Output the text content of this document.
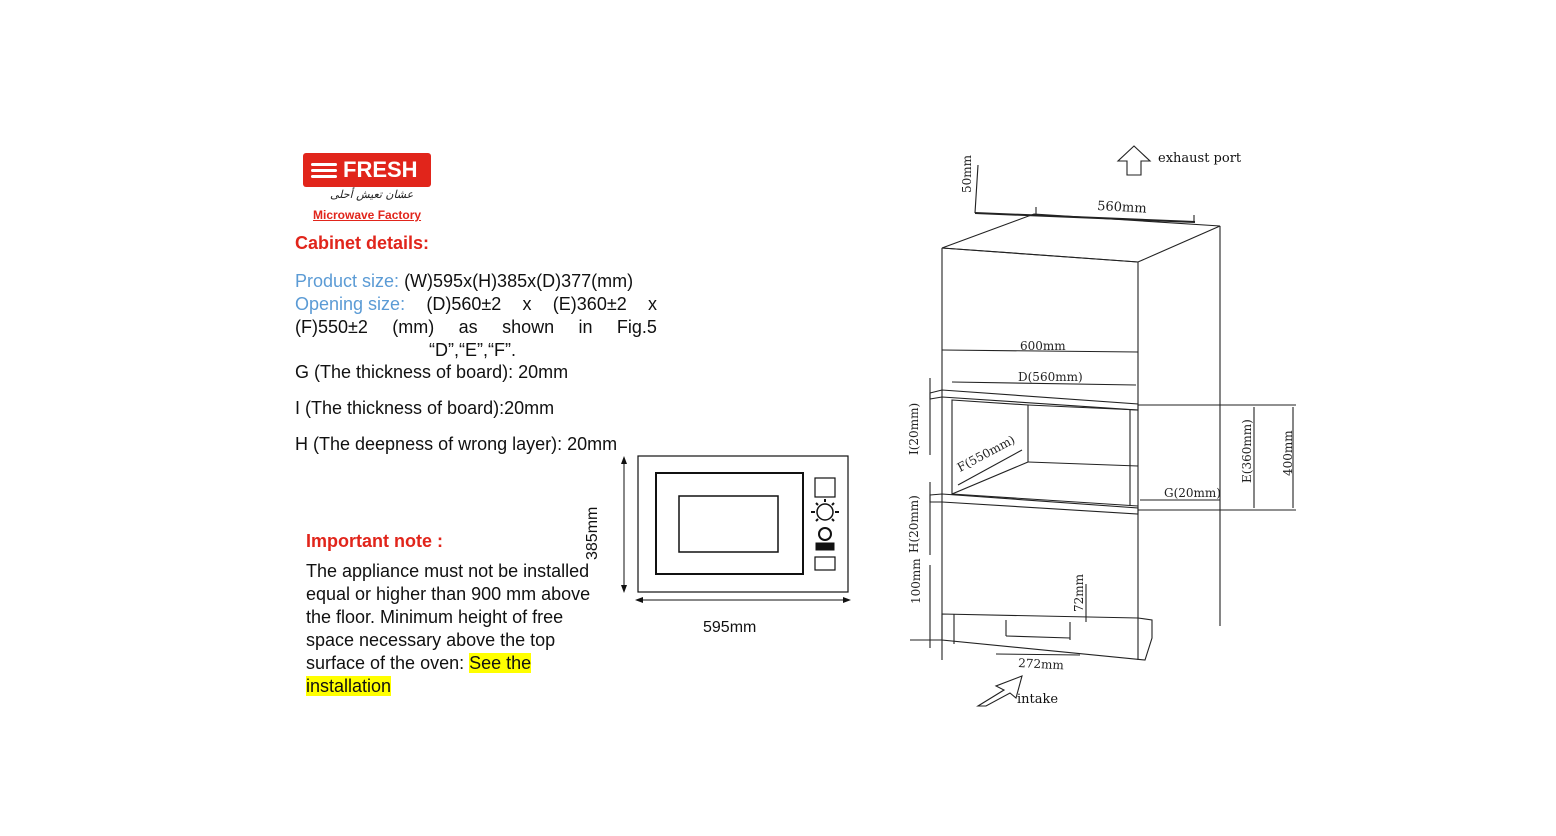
FRESH
عشان تعيش أحلى
Microwave Factory
Cabinet details:
Product size: (W)595x(H)385x(D)377(mm)
Opening size: (D)560±2 x (E)360±2 x
(F)550±2 (mm) as shown in Fig.5
“D”,“E”,“F”.
G (The thickness of board): 20mm
I (The thickness of board):20mm
H (The deepness of wrong layer): 20mm
Important note :
The appliance must not be installed equal or higher than 900 mm above the floor. Minimum height of free space necessary above the top surface of the oven: See the installation
385mm
595mm
exhaust port
intake
50mm
560mm
600mm
D(560mm)
F(550mm)
I(20mm)
G(20mm)
E(360mm) 400mm
H(20mm)
100mm	72mm
272mm
